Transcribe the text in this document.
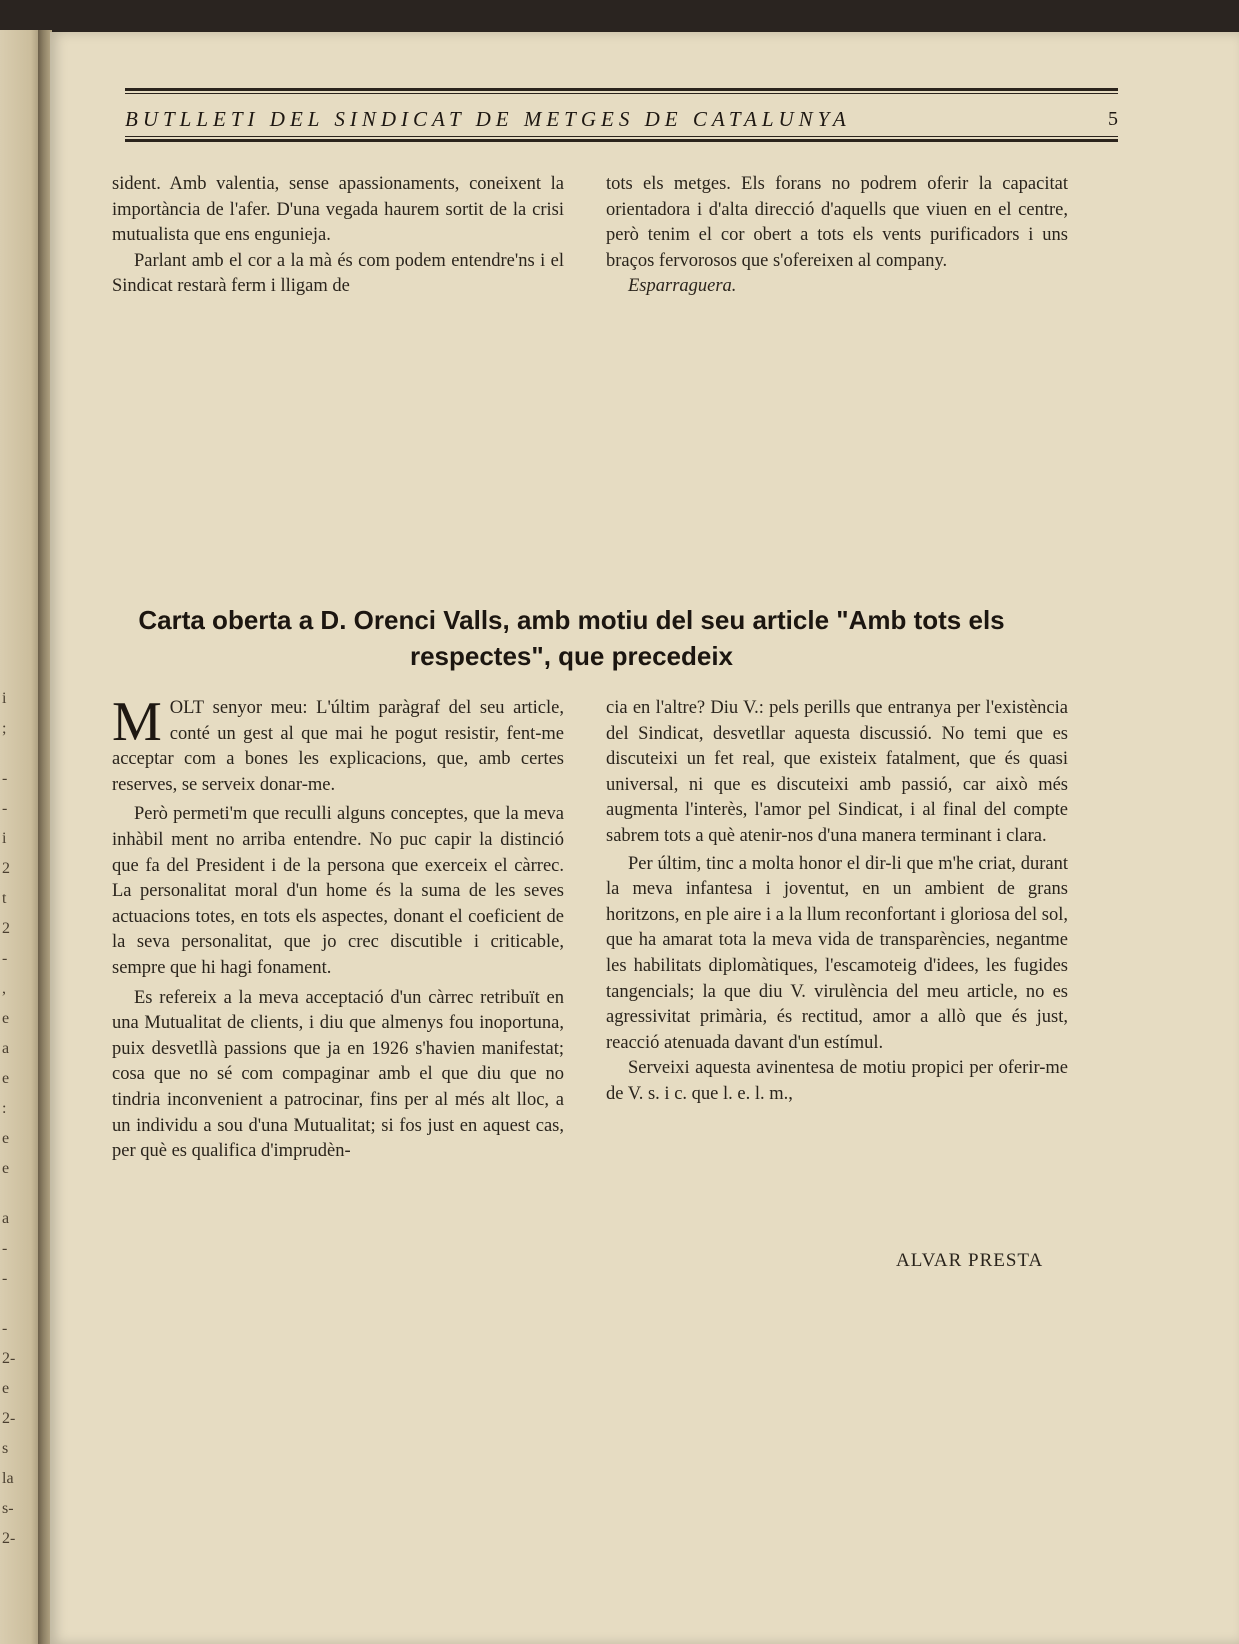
i
;
-
-
i
2
t
2
-
,
e
a
e
:
e
e
a
-
-
-
2-
e
2-
s
la
s-
2-
BUTLLETI DEL SINDICAT DE METGES DE CATALUNYA	5

sident. Amb valentia, sense apassionaments, coneixent la importància de l'afer. D'una vegada haurem sortit de la crisi mutualista que ens engunieja.

Parlant amb el cor a la mà és com podem entendre'ns i el Sindicat restarà ferm i lligam de

tots els metges. Els forans no podrem oferir la capacitat orientadora i d'alta direcció d'aquells que viuen en el centre, però tenim el cor obert a tots els vents purificadors i uns braços fervorosos que s'ofereixen al company.

Esparraguera.

Carta oberta a D. Orenci Valls, amb motiu del seu article "Amb tots els respectes", que precedeix

MOLT senyor meu: L'últim paràgraf del seu article, conté un gest al que mai he pogut resistir, fent-me acceptar com a bones les explicacions, que, amb certes reserves, se serveix donar-me.

Però permeti'm que reculli alguns conceptes, que la meva inhàbil ment no arriba entendre. No puc capir la distinció que fa del President i de la persona que exerceix el càrrec. La personalitat moral d'un home és la suma de les seves actuacions totes, en tots els aspectes, donant el coeficient de la seva personalitat, que jo crec discutible i criticable, sempre que hi hagi fonament.

Es refereix a la meva acceptació d'un càrrec retribuït en una Mutualitat de clients, i diu que almenys fou inoportuna, puix desvetllà passions que ja en 1926 s'havien manifestat; cosa que no sé com compaginar amb el que diu que no tindria inconvenient a patrocinar, fins per al més alt lloc, a un individu a sou d'una Mutualitat; si fos just en aquest cas, per què es qualifica d'imprudèn-

cia en l'altre? Diu V.: pels perills que entranya per l'existència del Sindicat, desvetllar aquesta discussió. No temi que es discuteixi un fet real, que existeix fatalment, que és quasi universal, ni que es discuteixi amb passió, car això més augmenta l'interès, l'amor pel Sindicat, i al final del compte sabrem tots a què atenir-nos d'una manera terminant i clara.

Per últim, tinc a molta honor el dir-li que m'he criat, durant la meva infantesa i joventut, en un ambient de grans horitzons, en ple aire i a la llum reconfortant i gloriosa del sol, que ha amarat tota la meva vida de transparències, negantme les habilitats diplomàtiques, l'escamoteig d'idees, les fugides tangencials; la que diu V. virulència del meu article, no es agressivitat primària, és rectitud, amor a allò que és just, reacció atenuada davant d'un estímul.

Serveixi aquesta avinentesa de motiu propici per oferir-me de V. s. i c. que l. e. l. m.,

ALVAR PRESTA
